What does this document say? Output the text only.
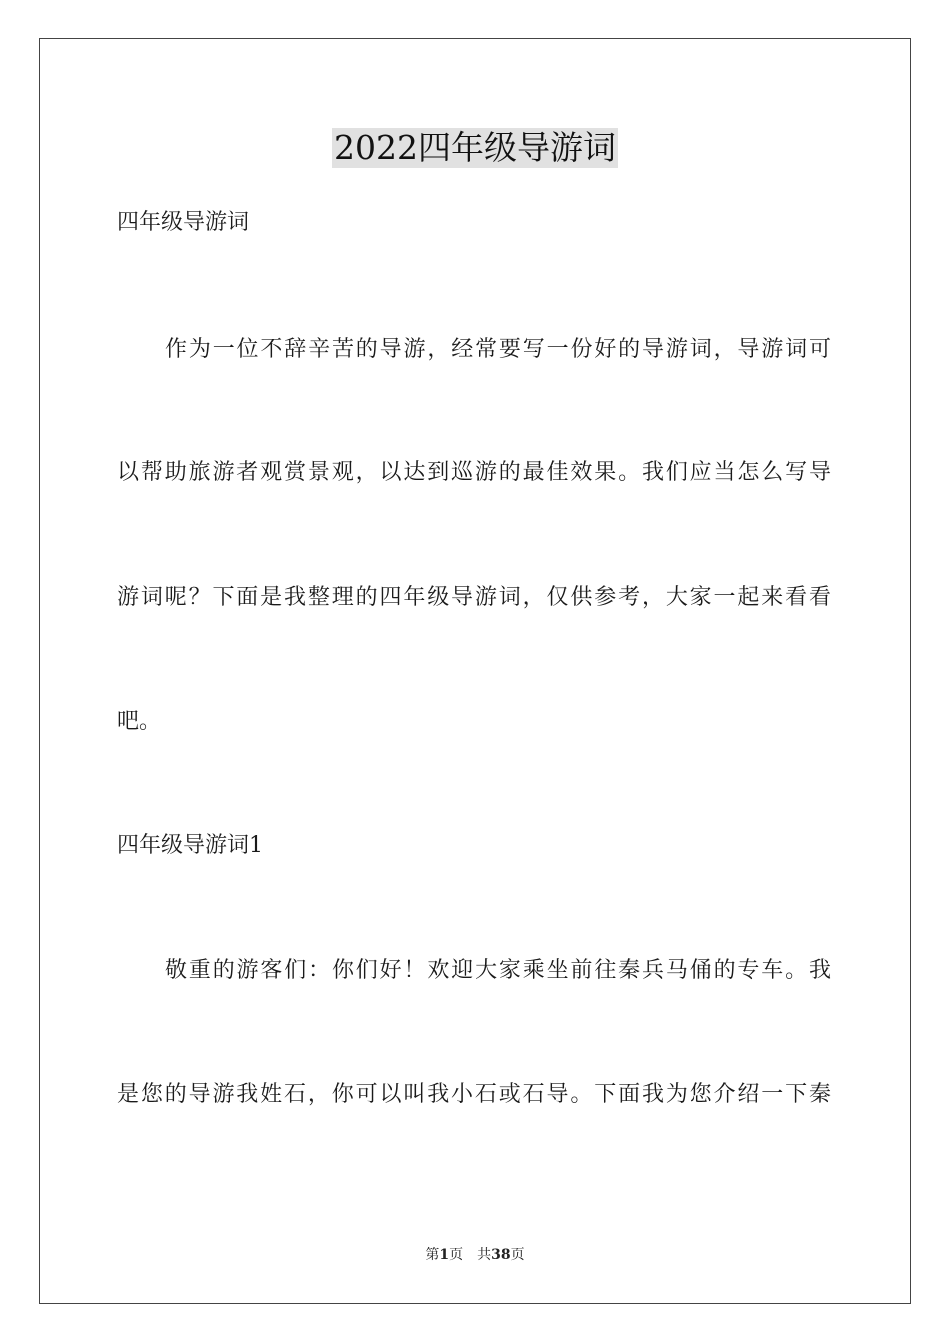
2022四年级导游词
四年级导游词
作为一位不辞辛苦的导游，经常要写一份好的导游词，导游词可
以帮助旅游者观赏景观，以达到巡游的最佳效果。我们应当怎么写导
游词呢？下面是我整理的四年级导游词，仅供参考，大家一起来看看
吧。
四年级导游词1
敬重的游客们：你们好！欢迎大家乘坐前往秦兵马俑的专车。我
是您的导游我姓石，你可以叫我小石或石导。下面我为您介绍一下秦
第1页 共38页
